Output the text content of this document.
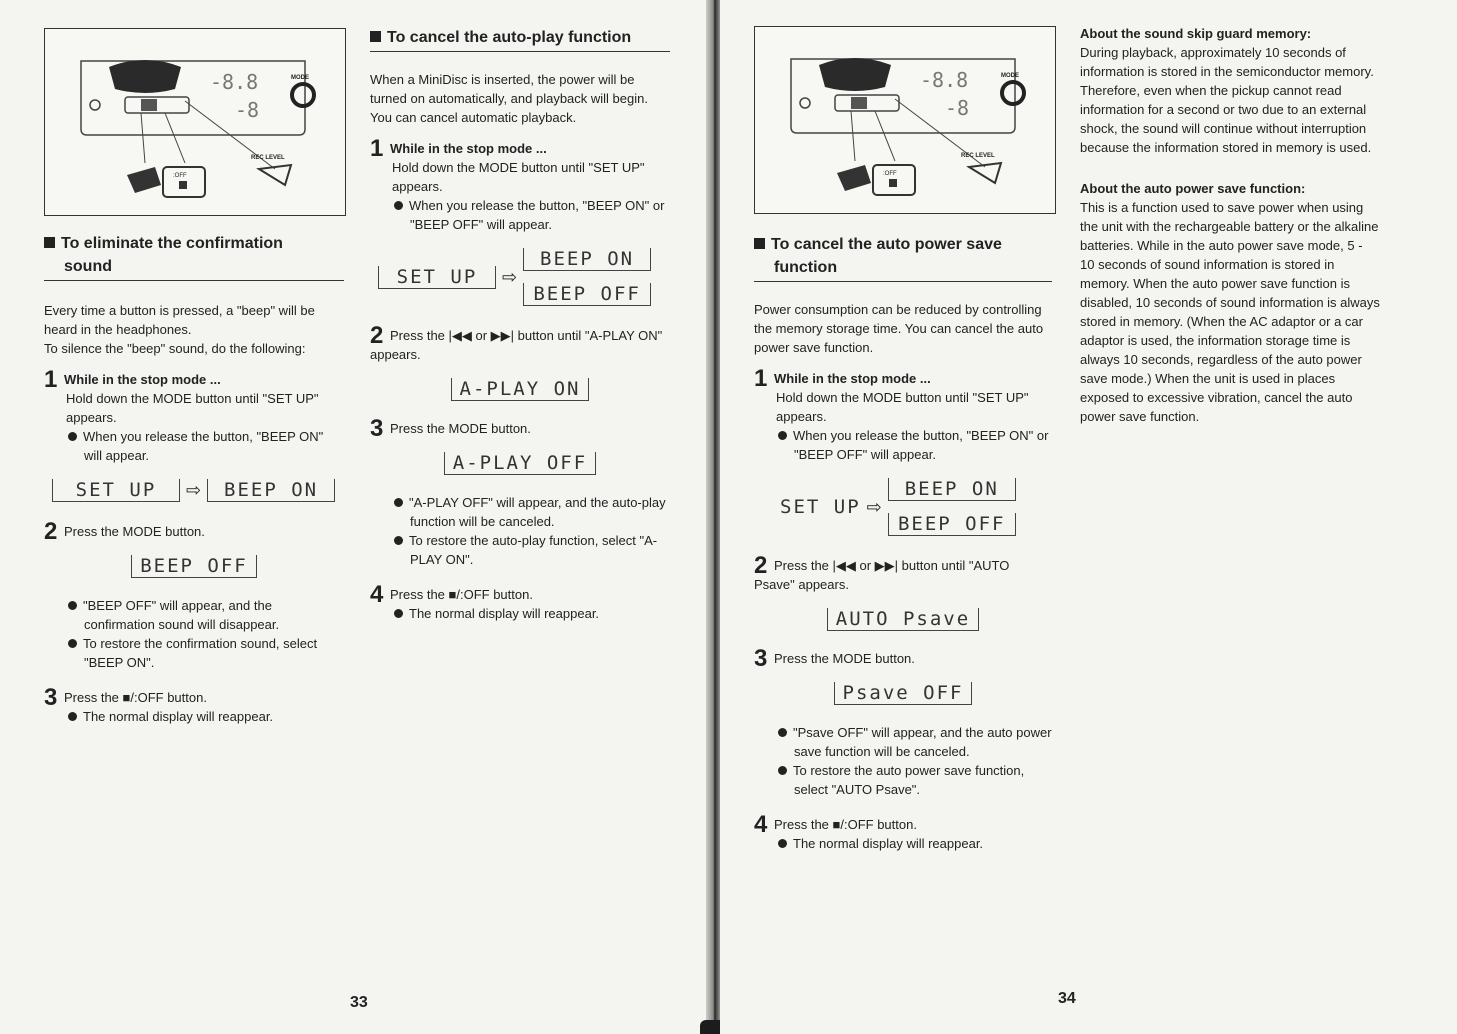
-8.8
-8
MODE
REC LEVEL
:OFF
To eliminate the confirmation
sound

Every time a button is pressed, a "beep" will be heard in the headphones.

To silence the "beep" sound, do the following:

1 While in the stop mode ...
Hold down the MODE button until "SET UP" appears.

When you release the button, "BEEP ON" will appear.

SET UP	⇨	BEEP ON
2 Press the MODE button.
BEEP OFF

"BEEP OFF" will appear, and the confirmation sound will disappear.

To restore the confirmation sound, select "BEEP ON".

3 Press the ■/:OFF button.

The normal display will reappear.

To cancel the auto-play function

When a MiniDisc is inserted, the power will be turned on automatically, and playback will begin. You can cancel automatic playback.

1 While in the stop mode ...
Hold down the MODE button until "SET UP" appears.

When you release the button, "BEEP ON" or "BEEP OFF" will appear.

SET UP	⇨
BEEP ON
BEEP OFF
2 Press the |◀◀ or ▶▶| button until "A-PLAY ON" appears.
A-PLAY ON
3 Press the MODE button.
A-PLAY OFF

"A-PLAY OFF" will appear, and the auto-play function will be canceled.

To restore the auto-play function, select "A-PLAY ON".

4 Press the ■/:OFF button.

The normal display will reappear.

33
-8.8
-8
MODE
REC LEVEL
:OFF
To cancel the auto power save
function

Power consumption can be reduced by controlling the memory storage time. You can cancel the auto power save function.

1 While in the stop mode ...
Hold down the MODE button until "SET UP" appears.

When you release the button, "BEEP ON" or "BEEP OFF" will appear.

SET UP ⇨
BEEP ON
BEEP OFF
2 Press the |◀◀ or ▶▶| button until "AUTO Psave" appears.
AUTO Psave
3 Press the MODE button.
Psave OFF

"Psave OFF" will appear, and the auto power save function will be canceled.

To restore the auto power save function, select "AUTO Psave".

4 Press the ■/:OFF button.

The normal display will reappear.

About the sound skip guard memory:

During playback, approximately 10 seconds of information is stored in the semiconductor memory. Therefore, even when the pickup cannot read information for a second or two due to an external shock, the sound will continue without interruption because the information stored in memory is used.

About the auto power save function:

This is a function used to save power when using the unit with the rechargeable battery or the alkaline batteries. While in the auto power save mode, 5 - 10 seconds of sound information is stored in memory. When the auto power save function is disabled, 10 seconds of sound information is always stored in memory. (When the AC adaptor or a car adaptor is used, the information storage time is always 10 seconds, regardless of the auto power save mode.) When the unit is used in places exposed to excessive vibration, cancel the auto power save function.

34
